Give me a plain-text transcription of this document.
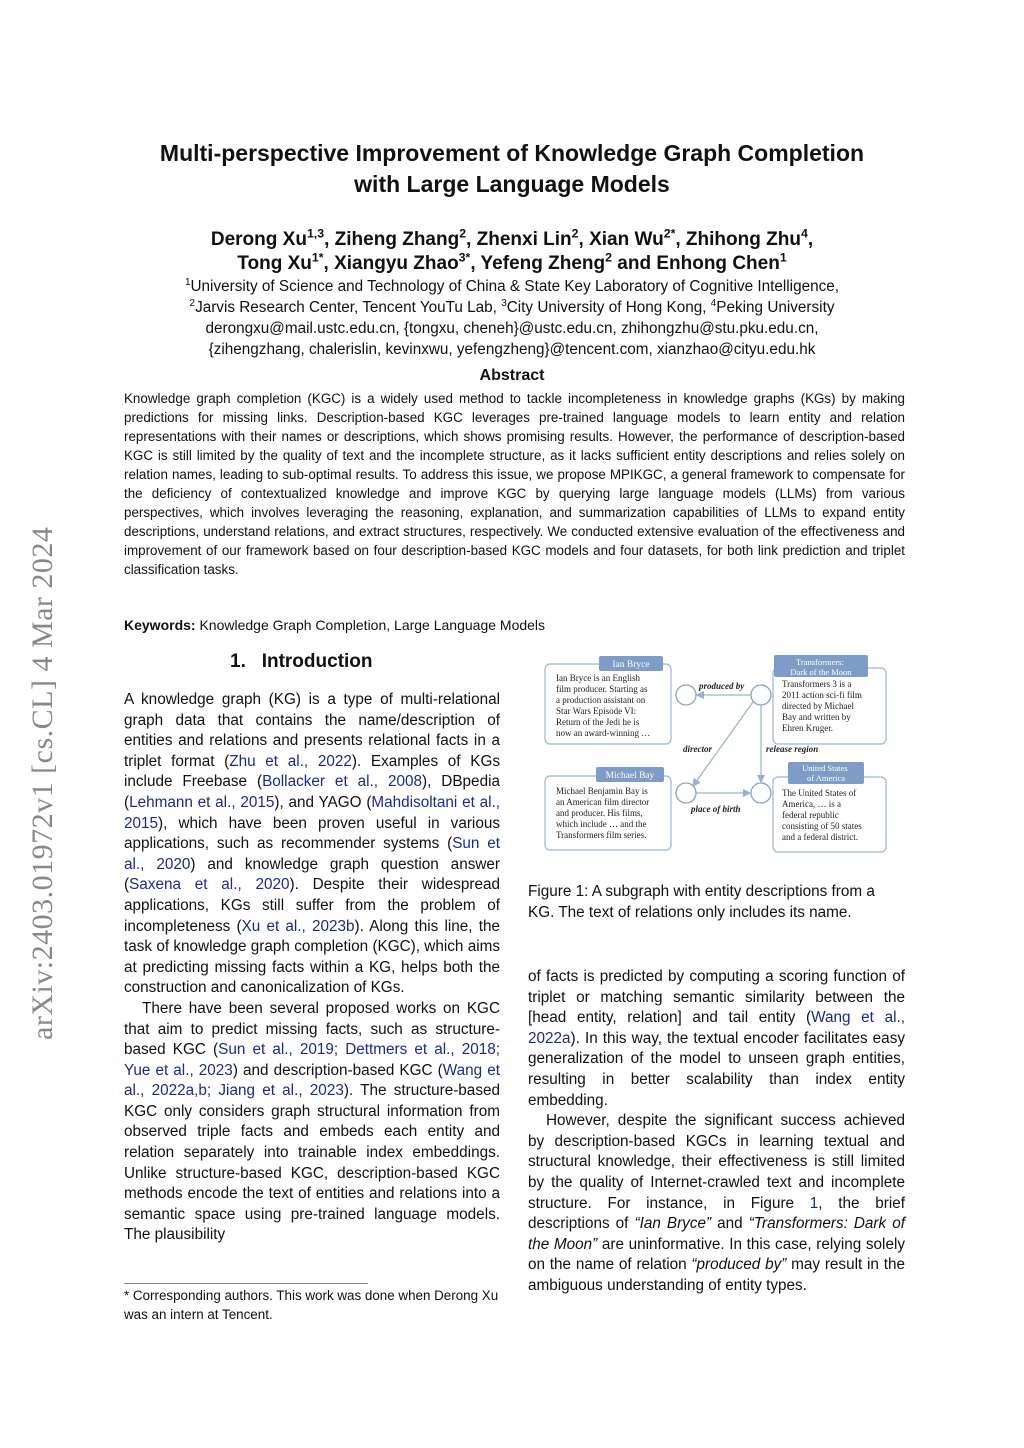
arXiv:2403.01972v1 [cs.CL] 4 Mar 2024
Multi-perspective Improvement of Knowledge Graph Completion
with Large Language Models
Derong Xu$^{1,3}$, Ziheng Zhang$^2$, Zhenxi Lin$^2$, Xian $Wu^{2*}$, Zhihong Zhu$^4$,
Tong $Xu^{1*}$, Xiangyu Zhao$^{3*}$, Yefeng Zheng$^2$ and Enhong Chen$^1$
$^1$University of Science and Technology of China & State Key Laboratory of Cognitive Intelligence,
$^2$Jarvis Research Center, Tencent YouTu Lab, $^3$City University of Hong Kong, $^4$Peking University
derongxu@mail.ustc.edu.cn, {tongxu, cheneh}@ustc.edu.cn, zhihongzhu@stu.pku.edu.cn,
{zihengzhang, chalerislin, kevinxwu, yefengzheng}@tencent.com, xianzhao@cityu.edu.hk
Abstract
Knowledge graph completion (KGC) is a widely used method to tackle incompleteness in knowledge graphs (KGs) by making predictions for missing links. Description-based KGC leverages pre-trained language models to learn entity and relation representations with their names or descriptions, which shows promising results. However, the performance of description-based KGC is still limited by the quality of text and the incomplete structure, as it lacks sufficient entity descriptions and relies solely on relation names, leading to sub-optimal results. To address this issue, we propose MPIKGC, a general framework to compensate for the deficiency of contextualized knowledge and improve KGC by querying large language models (LLMs) from various perspectives, which involves leveraging the reasoning, explanation, and summarization capabilities of LLMs to expand entity descriptions, understand relations, and extract structures, respectively. We conducted extensive evaluation of the effectiveness and improvement of our framework based on four description-based KGC models and four datasets, for both link prediction and triplet classification tasks.
Keywords: Knowledge Graph Completion, Large Language Models
1. Introduction

A knowledge graph (KG) is a type of multi-relational graph data that contains the name/description of entities and relations and presents relational facts in a triplet format (Zhu et al., 2022). Examples of KGs include Freebase (Bollacker et al., 2008), DBpedia (Lehmann et al., 2015), and YAGO (Mahdisoltani et al., 2015), which have been proven useful in various applications, such as recommender systems (Sun et al., 2020) and knowledge graph question answer (Saxena et al., 2020). Despite their widespread applications, KGs still suffer from the problem of incompleteness (Xu et al., 2023b). Along this line, the task of knowledge graph completion (KGC), which aims at predicting missing facts within a KG, helps both the construction and canonicalization of KGs.

There have been several proposed works on KGC that aim to predict missing facts, such as structure-based KGC (Sun et al., 2019; Dettmers et al., 2018; Yue et al., 2023) and description-based KGC (Wang et al., 2022a,b; Jiang et al., 2023). The structure-based KGC only considers graph structural information from observed triple facts and embeds each entity and relation separately into trainable index embeddings. Unlike structure-based KGC, description-based KGC methods encode the text of entities and relations into a semantic space using pre-trained language models. The plausibility

* Corresponding authors. This work was done when Derong Xu was an intern at Tencent.
Ian Bryce
Ian Bryce is an English film producer. Starting as a production assistant on Star Wars Episode VI: Return of the Jedi he is now an award-winning …
Transformers: Dark of the Moon
Transformers 3 is a 2011 action sci-fi film directed by Michael Bay and written by Ehren Kruger.
Michael Bay
Michael Benjamin Bay is an American film director and producer. His films, which include … and the Transformers film series.
United States of America
The United States of America, … is a federal republic consisting of 50 states and a federal district.
produced by
director	release region
place of birth
Figure 1: A subgraph with entity descriptions from a KG. The text of relations only includes its name.

of facts is predicted by computing a scoring function of triplet or matching semantic similarity between the [head entity, relation] and tail entity (Wang et al., 2022a). In this way, the textual encoder facilitates easy generalization of the model to unseen graph entities, resulting in better scalability than index entity embedding.

However, despite the significant success achieved by description-based KGCs in learning textual and structural knowledge, their effectiveness is still limited by the quality of Internet-crawled text and incomplete structure. For instance, in Figure 1, the brief descriptions of “Ian Bryce” and “Transformers: Dark of the Moon” are uninformative. In this case, relying solely on the name of relation “produced by” may result in the ambiguous understanding of entity types.
